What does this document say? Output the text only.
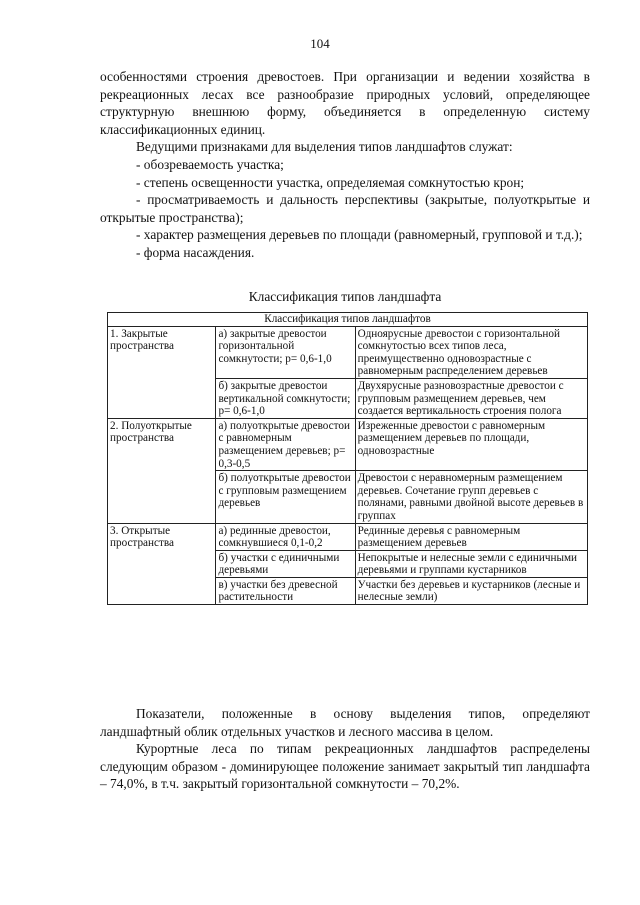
104

особенностями строения древостоев. При организации и ведении хозяйства в рекреационных лесах все разнообразие природных условий, определяющее структурную внешнюю форму, объединяется в определенную систему классификационных единиц.

Ведущими признаками для выделения типов ландшафтов служат:

- обозреваемость участка;

- степень освещенности участка, определяемая сомкнутостью крон;

- просматриваемость и дальность перспективы (закрытые, полуоткрытые и открытые пространства);

- характер размещения деревьев по площади (равномерный, групповой и т.д.);

- форма насаждения.

Классификация типов ландшафта
Классификация типов ландшафтов		
1. Закрытые пространства	а) закрытые древостои горизонтальной сомкнутости; р= 0,6-1,0	Одноярусные древостои с горизонтальной сомкнутостью всех типов леса, преимущественно одновозрастные с равномерным распределением деревьев
	б) закрытые древостои вертикальной сомкнутости; р= 0,6-1,0	Двухярусные разновозрастные древостои с групповым размещением деревьев, чем создается вертикальность строения полога
2. Полуоткрытые пространства	а) полуоткрытые древостои с равномерным размещением деревьев; р= 0,3-0,5	Изреженные древостои с равномерным размещением деревьев по площади, одновозрастные
	б) полуоткрытые древостои с групповым размещением деревьев	Древостои с неравномерным размещением деревьев. Сочетание групп деревьев с полянами, равными двойной высоте деревьев в группах
3. Открытые пространства	а) рединные древостои, сомкнувшиеся 0,1-0,2	Рединные деревья с равномерным размещением деревьев
	б) участки с единичными деревьями	Непокрытые и нелесные земли с единичными деревьями и группами кустарников
	в) участки без древесной растительности	Участки без деревьев и кустарников (лесные и нелесные земли)

Показатели, положенные в основу выделения типов, определяют ландшафтный облик отдельных участков и лесного массива в целом.

Курортные леса по типам рекреационных ландшафтов распределены следующим образом - доминирующее положение занимает закрытый тип ландшафта – 74,0%, в т.ч. закрытый горизонтальной сомкнутости – 70,2%.
